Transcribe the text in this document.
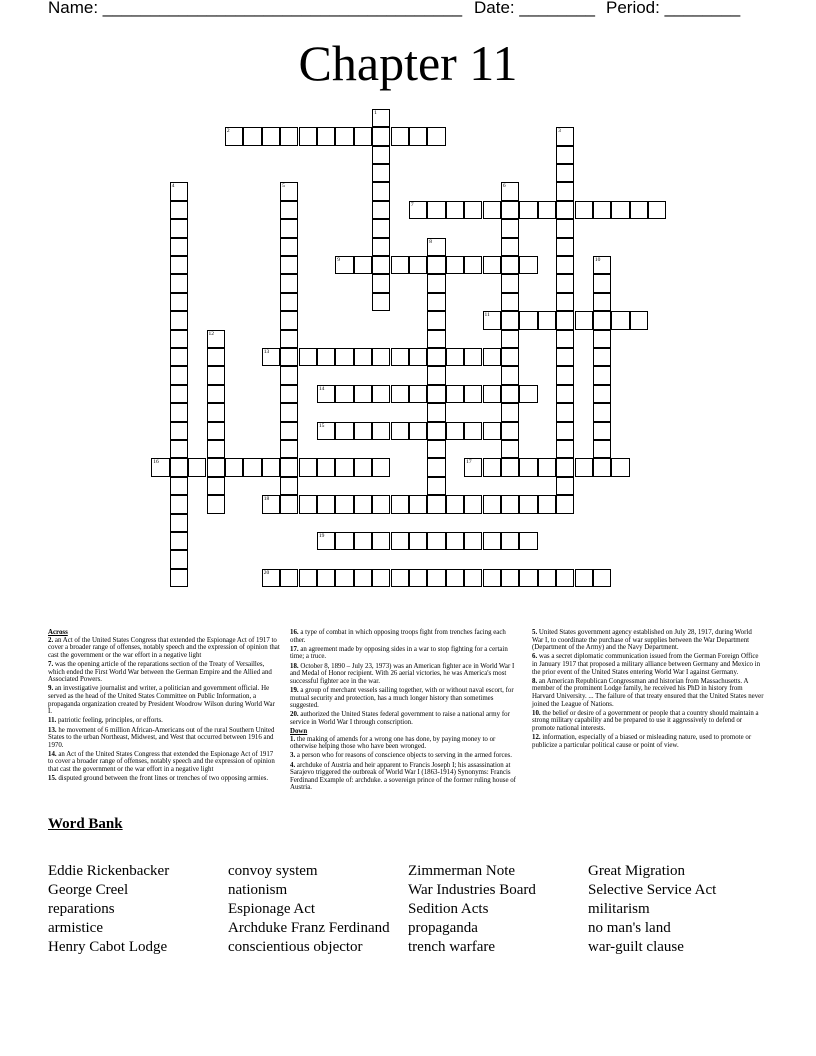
Name: ______________________________________ Date: ________ Period: ________
Chapter 11
1
2	3
4	5	6
7
8
9	10
11
12
13
14
15
16	17
18
19
20
Across
2. an Act of the United States Congress that extended the Espionage Act of 1917 to cover a broader range of offenses, notably speech and the expression of opinion that cast the government or the war effort in a negative light
7. was the opening article of the reparations section of the Treaty of Versailles, which ended the First World War between the German Empire and the Allied and Associated Powers.
9. an investigative journalist and writer, a politician and government official. He served as the head of the United States Committee on Public Information, a propaganda organization created by President Woodrow Wilson during World War I.
11. patriotic feeling, principles, or efforts.
13. he movement of 6 million African-Americans out of the rural Southern United States to the urban Northeast, Midwest, and West that occurred between 1916 and 1970.
14. an Act of the United States Congress that extended the Espionage Act of 1917 to cover a broader range of offenses, notably speech and the expression of opinion that cast the government or the war effort in a negative light
15. disputed ground between the front lines or trenches of two opposing armies.
16. a type of combat in which opposing troops fight from trenches facing each other.
17. an agreement made by opposing sides in a war to stop fighting for a certain time; a truce.
18. October 8, 1890 – July 23, 1973) was an American fighter ace in World War I and Medal of Honor recipient. With 26 aerial victories, he was America's most successful fighter ace in the war.
19. a group of merchant vessels sailing together, with or without naval escort, for mutual security and protection, has a much longer history than sometimes suggested.
20. authorized the United States federal government to raise a national army for service in World War I through conscription.
Down
1. the making of amends for a wrong one has done, by paying money to or otherwise helping those who have been wronged.
3. a person who for reasons of conscience objects to serving in the armed forces.
4. archduke of Austria and heir apparent to Francis Joseph I; his assassination at Sarajevo triggered the outbreak of World War I (1863-1914) Synonyms: Francis Ferdinand Example of: archduke. a sovereign prince of the former ruling house of Austria.
5. United States government agency established on July 28, 1917, during World War I, to coordinate the purchase of war supplies between the War Department (Department of the Army) and the Navy Department.
6. was a secret diplomatic communication issued from the German Foreign Office in January 1917 that proposed a military alliance between Germany and Mexico in the prior event of the United States entering World War I against Germany.
8. an American Republican Congressman and historian from Massachusetts. A member of the prominent Lodge family, he received his PhD in history from Harvard University. ... The failure of that treaty ensured that the United States never joined the League of Nations.
10. the belief or desire of a government or people that a country should maintain a strong military capability and be prepared to use it aggressively to defend or promote national interests.
12. information, especially of a biased or misleading nature, used to promote or publicize a particular political cause or point of view.
Word Bank
Eddie Rickenbacker
George Creel
reparations
armistice
Henry Cabot Lodge
convoy system
nationism
Espionage Act
Archduke Franz Ferdinand
conscientious objector
Zimmerman Note
War Industries Board
Sedition Acts
propaganda
trench warfare
Great Migration
Selective Service Act
militarism
no man's land
war-guilt clause
